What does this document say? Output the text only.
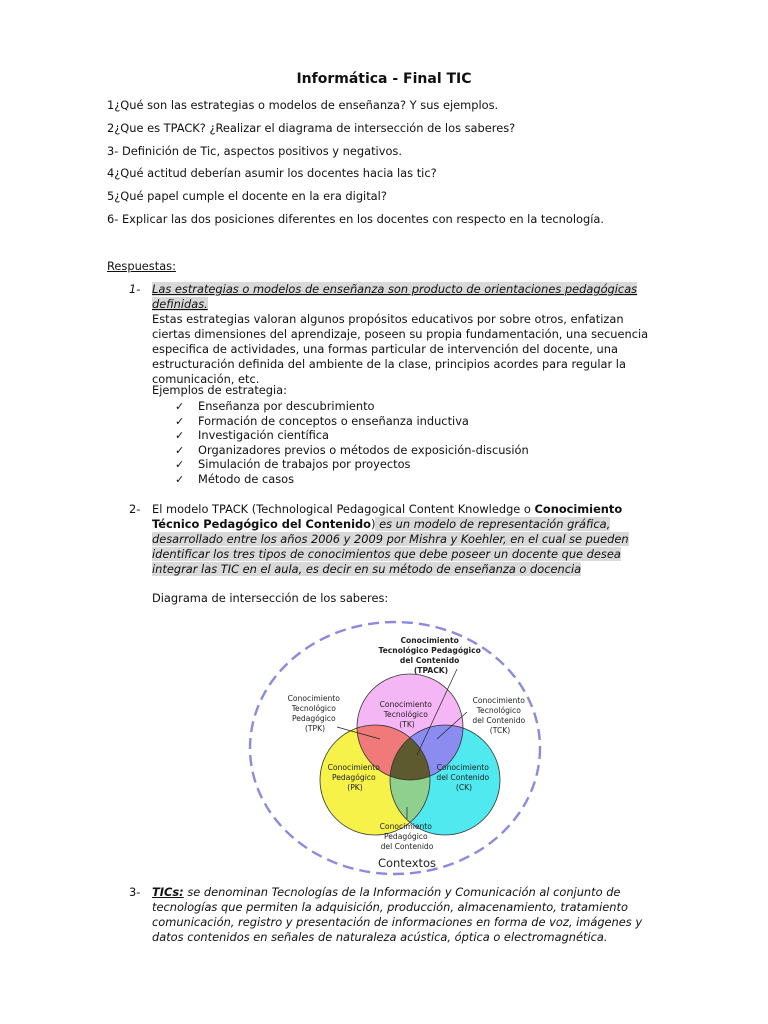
Informática - Final TIC
1¿Qué son las estrategias o modelos de enseñanza? Y sus ejemplos.
2¿Que es TPACK? ¿Realizar el diagrama de intersección de los saberes?
3- Definición de Tic, aspectos positivos y negativos.
4¿Qué actitud deberían asumir los docentes hacia las tic?
5¿Qué papel cumple el docente en la era digital?
6- Explicar las dos posiciones diferentes en los docentes con respecto en la tecnología.
Respuestas:
1- Las estrategias o modelos de enseñanza son producto de orientaciones pedagógicas definidas.
Estas estrategias valoran algunos propósitos educativos por sobre otros, enfatizan ciertas dimensiones del aprendizaje, poseen su propia fundamentación, una secuencia especifica de actividades, una formas particular de intervención del docente, una estructuración definida del ambiente de la clase, principios acordes para regular la comunicación, etc.
Ejemplos de estrategia:
✓ Enseñanza por descubrimiento
✓ Formación de conceptos o enseñanza inductiva
✓ Investigación científica
✓ Organizadores previos o métodos de exposición-discusión
✓ Simulación de trabajos por proyectos
✓ Método de casos
2- El modelo TPACK (Technological Pedagogical Content Knowledge o Conocimiento Técnico Pedagógico del Contenido) es un modelo de representación gráfica, desarrollado entre los años 2006 y 2009 por Mishra y Koehler, en el cual se pueden identificar los tres tipos de conocimientos que debe poseer un docente que desea integrar las TIC en el aula, es decir en su método de enseñanza o docencia
Diagrama de intersección de los saberes:
Conocimiento Tecnológico Pedagógico del Contenido (TPACK)
Conocimiento Tecnológico Pedagógico (TPK)
Conocimiento Tecnológico del Contenido (TCK)
Conocimiento Tecnológico (TK)
Conocimiento Pedagógico (PK)
Conocimiento del Contenido (CK)
Conocimiento Pedagógico del Contenido
Contextos
3- TICs: se denominan Tecnologías de la Información y Comunicación al conjunto de tecnologías que permiten la adquisición, producción, almacenamiento, tratamiento comunicación, registro y presentación de informaciones en forma de voz, imágenes y datos contenidos en señales de naturaleza acústica, óptica o electromagnética.
